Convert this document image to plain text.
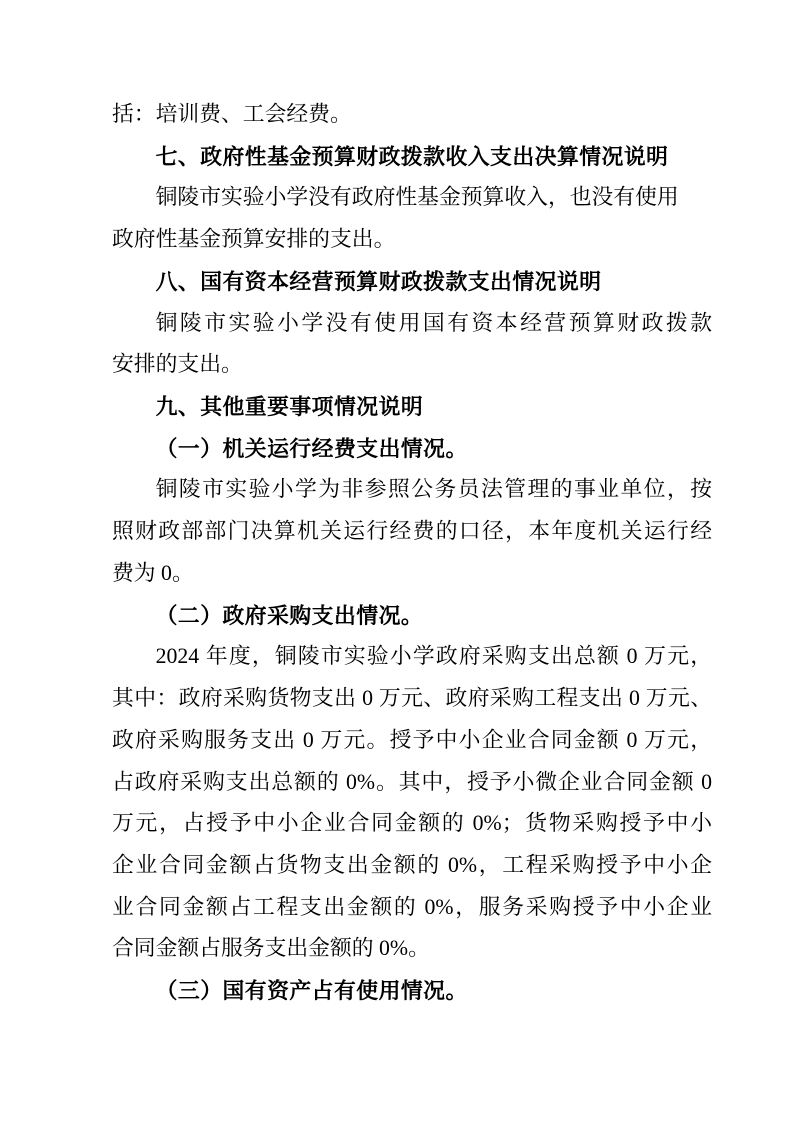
括：培训费、工会经费。
七、政府性基金预算财政拨款收入支出决算情况说明
铜陵市实验小学没有政府性基金预算收入，也没有使用
政府性基金预算安排的支出。
八、国有资本经营预算财政拨款支出情况说明
铜陵市实验小学没有使用国有资本经营预算财政拨款
安排的支出。
九、其他重要事项情况说明
（一）机关运行经费支出情况。
铜陵市实验小学为非参照公务员法管理的事业单位，按
照财政部部门决算机关运行经费的口径，本年度机关运行经
费为 0。
（二）政府采购支出情况。
2024 年度，铜陵市实验小学政府采购支出总额 0 万元，
其中：政府采购货物支出 0 万元、政府采购工程支出 0 万元、
政府采购服务支出 0 万元。授予中小企业合同金额 0 万元，
占政府采购支出总额的 0%。其中，授予小微企业合同金额 0
万元，占授予中小企业合同金额的 0%；货物采购授予中小
企业合同金额占货物支出金额的 0%，工程采购授予中小企
业合同金额占工程支出金额的 0%，服务采购授予中小企业
合同金额占服务支出金额的 0%。
（三）国有资产占有使用情况。
